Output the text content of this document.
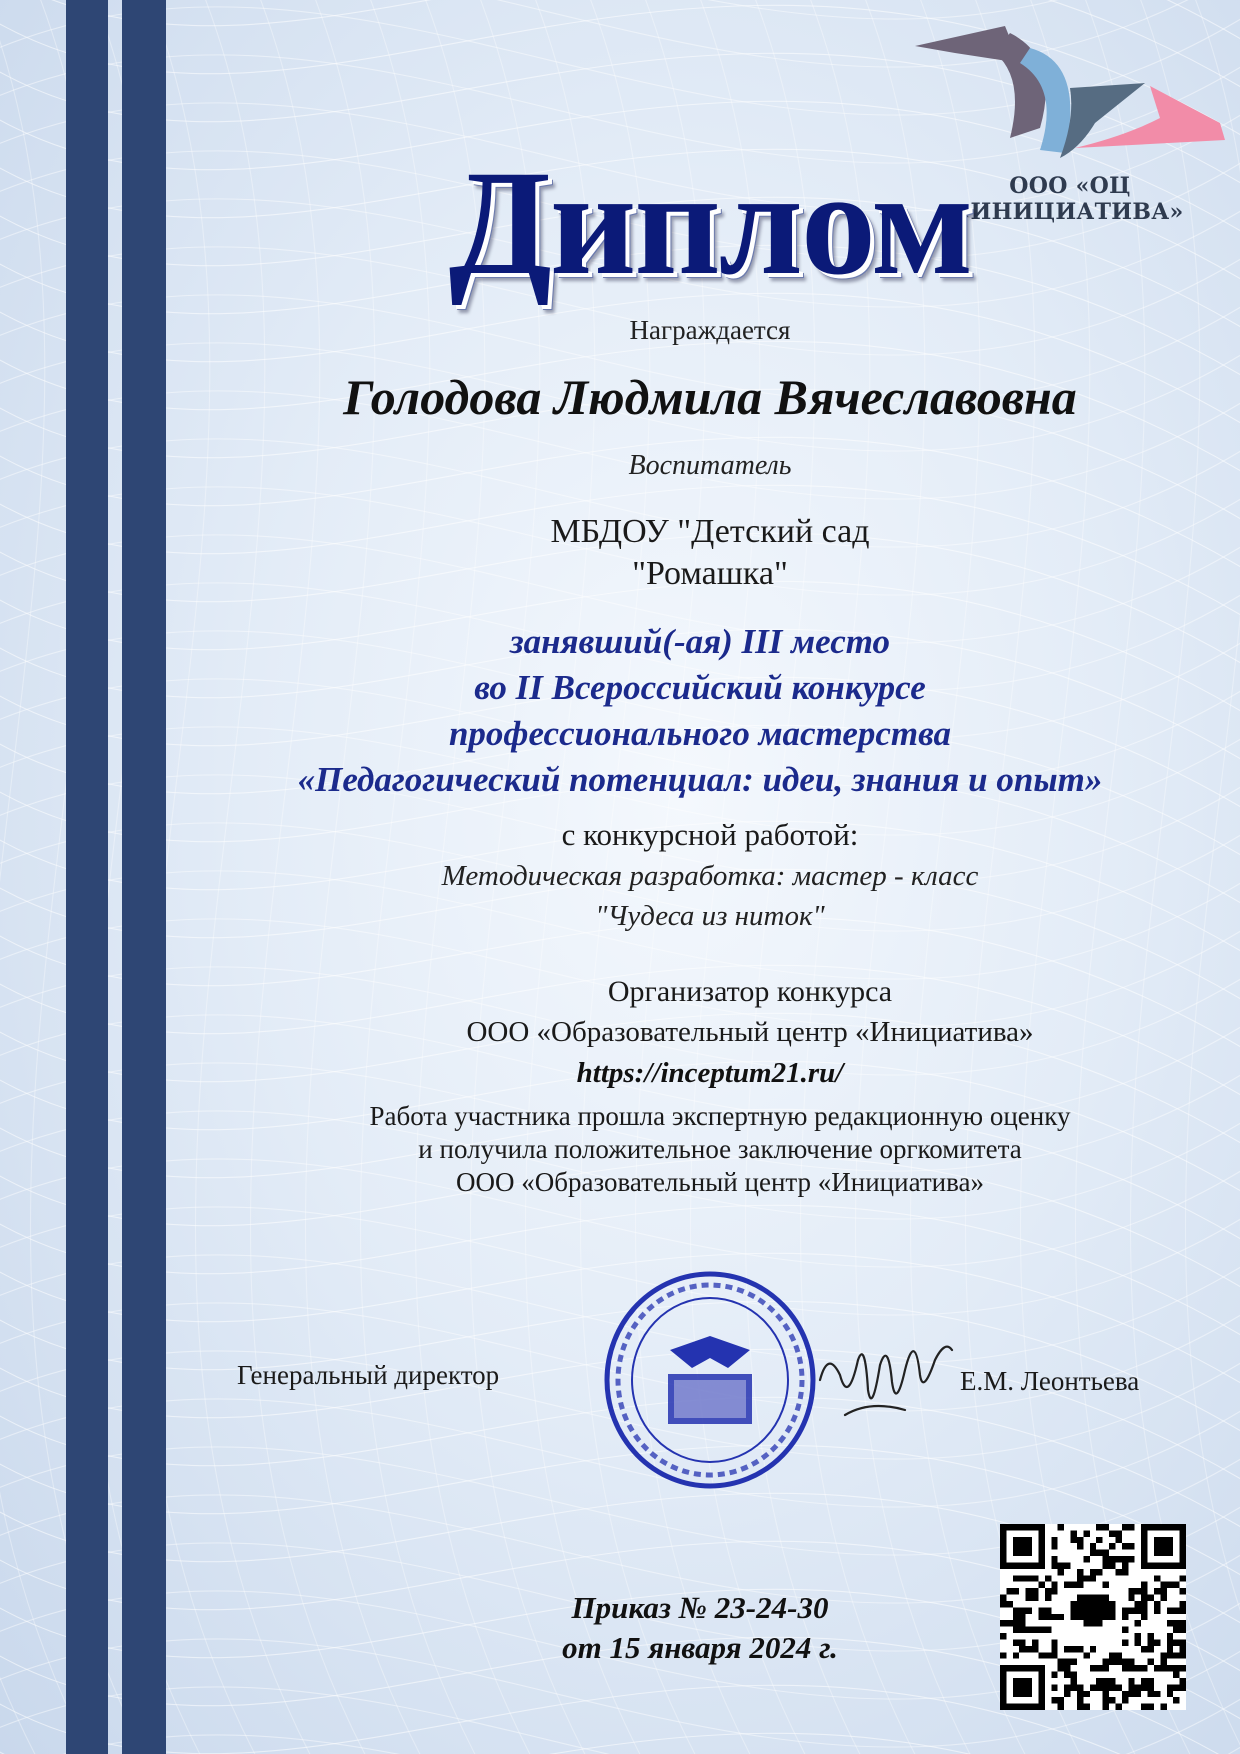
ООО «ОЦ «ИНИЦИАТИВА»
Диплом

Награждается

Голодова Людмила Вячеславовна

Воспитатель

МБДОУ "Детский сад

"Ромашка"

занявший(-ая) III место

во II Всероссийский конкурсе

профессионального мастерства

«Педагогический потенциал: идеи, знания и опыт»

с конкурсной работой:

Методическая разработка: мастер - класс

"Чудеса из ниток"

Организатор конкурса

ООО «Образовательный центр «Инициатива»

https://inceptum21.ru/

Работа участника прошла экспертную редакционную оценку

и получила положительное заключение оргкомитета

ООО «Образовательный центр «Инициатива»

Генеральный директор	Е.М. Леонтьева

Приказ № 23-24-30

от 15 января 2024 г.
